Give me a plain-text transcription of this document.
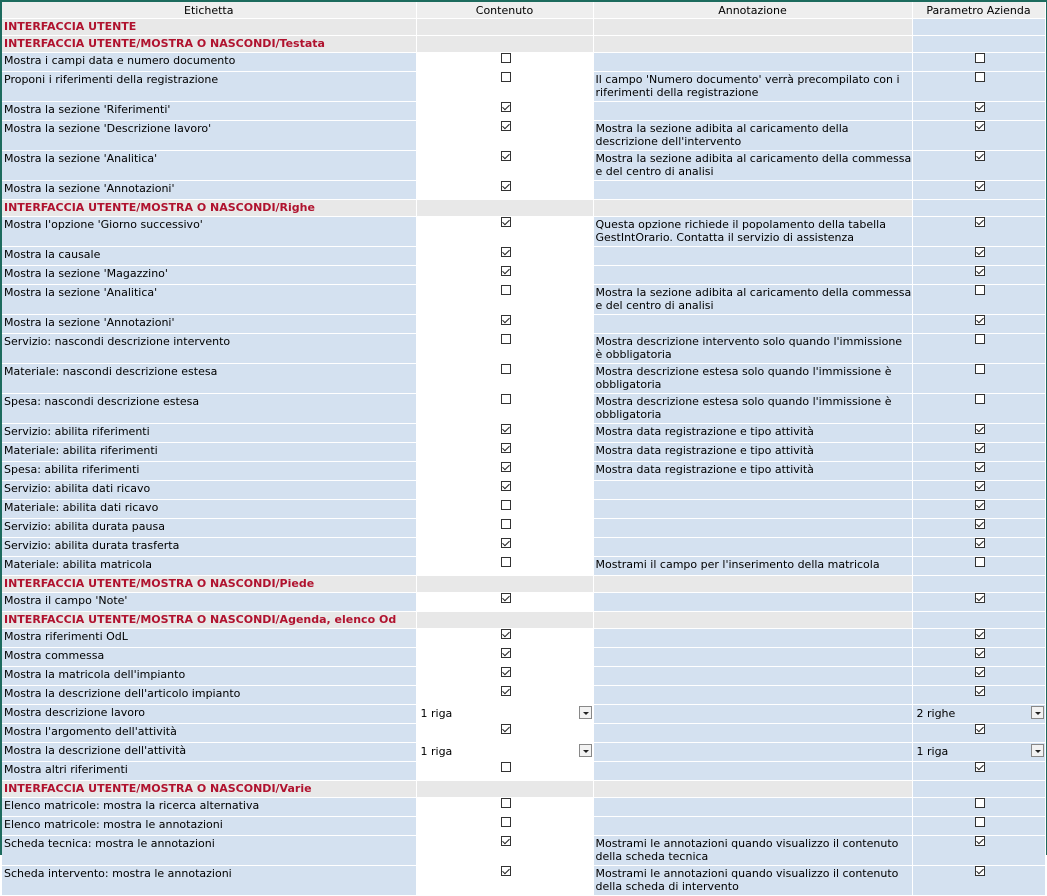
Etichetta	Contenuto	Annotazione	Parametro Azienda
INTERFACCIA UTENTE			
INTERFACCIA UTENTE/MOSTRA O NASCONDI/Testata			
Mostra i campi data e numero documento	

Proponi i riferimenti della registrazione		Il campo 'Numero documento' verrà precompilato con i riferimenti della registrazione	

Mostra la sezione 'Riferimenti'	

Mostra la sezione 'Descrizione lavoro'		Mostra la sezione adibita al caricamento della descrizione dell'intervento	

Mostra la sezione 'Analitica'		Mostra la sezione adibita al caricamento della commessa e del centro di analisi	

Mostra la sezione 'Annotazioni'	

INTERFACCIA UTENTE/MOSTRA O NASCONDI/Righe			
Mostra l'opzione 'Giorno successivo'		Questa opzione richiede il popolamento della tabella GestIntOrario. Contatta il servizio di assistenza	

Mostra la causale	

Mostra la sezione 'Magazzino'	

Mostra la sezione 'Analitica'		Mostra la sezione adibita al caricamento della commessa e del centro di analisi	

Mostra la sezione 'Annotazioni'	

Servizio: nascondi descrizione intervento		Mostra descrizione intervento solo quando l'immissione è obbligatoria	

Materiale: nascondi descrizione estesa		Mostra descrizione estesa solo quando l'immissione è obbligatoria	

Spesa: nascondi descrizione estesa		Mostra descrizione estesa solo quando l'immissione è obbligatoria	

Servizio: abilita riferimenti		Mostra data registrazione e tipo attività	

Materiale: abilita riferimenti		Mostra data registrazione e tipo attività	

Spesa: abilita riferimenti		Mostra data registrazione e tipo attività	

Servizio: abilita dati ricavo	

Materiale: abilita dati ricavo	

Servizio: abilita durata pausa	

Servizio: abilita durata trasferta	

Materiale: abilita matricola		Mostrami il campo per l'inserimento della matricola	

INTERFACCIA UTENTE/MOSTRA O NASCONDI/Piede			
Mostra il campo 'Note'	

INTERFACCIA UTENTE/MOSTRA O NASCONDI/Agenda, elenco Od			
Mostra riferimenti OdL	

Mostra commessa	

Mostra la matricola dell'impianto	

Mostra la descrizione dell'articolo impianto	

Mostra descrizione lavoro	1 riga		2 righe

Mostra l'argomento dell'attività	

Mostra la descrizione dell'attività	1 riga		1 riga

Mostra altri riferimenti	

INTERFACCIA UTENTE/MOSTRA O NASCONDI/Varie			
Elenco matricole: mostra la ricerca alternativa	

Elenco matricole: mostra le annotazioni	

Scheda tecnica: mostra le annotazioni		Mostrami le annotazioni quando visualizzo il contenuto della scheda tecnica	

Scheda intervento: mostra le annotazioni		Mostrami le annotazioni quando visualizzo il contenuto della scheda di intervento	
